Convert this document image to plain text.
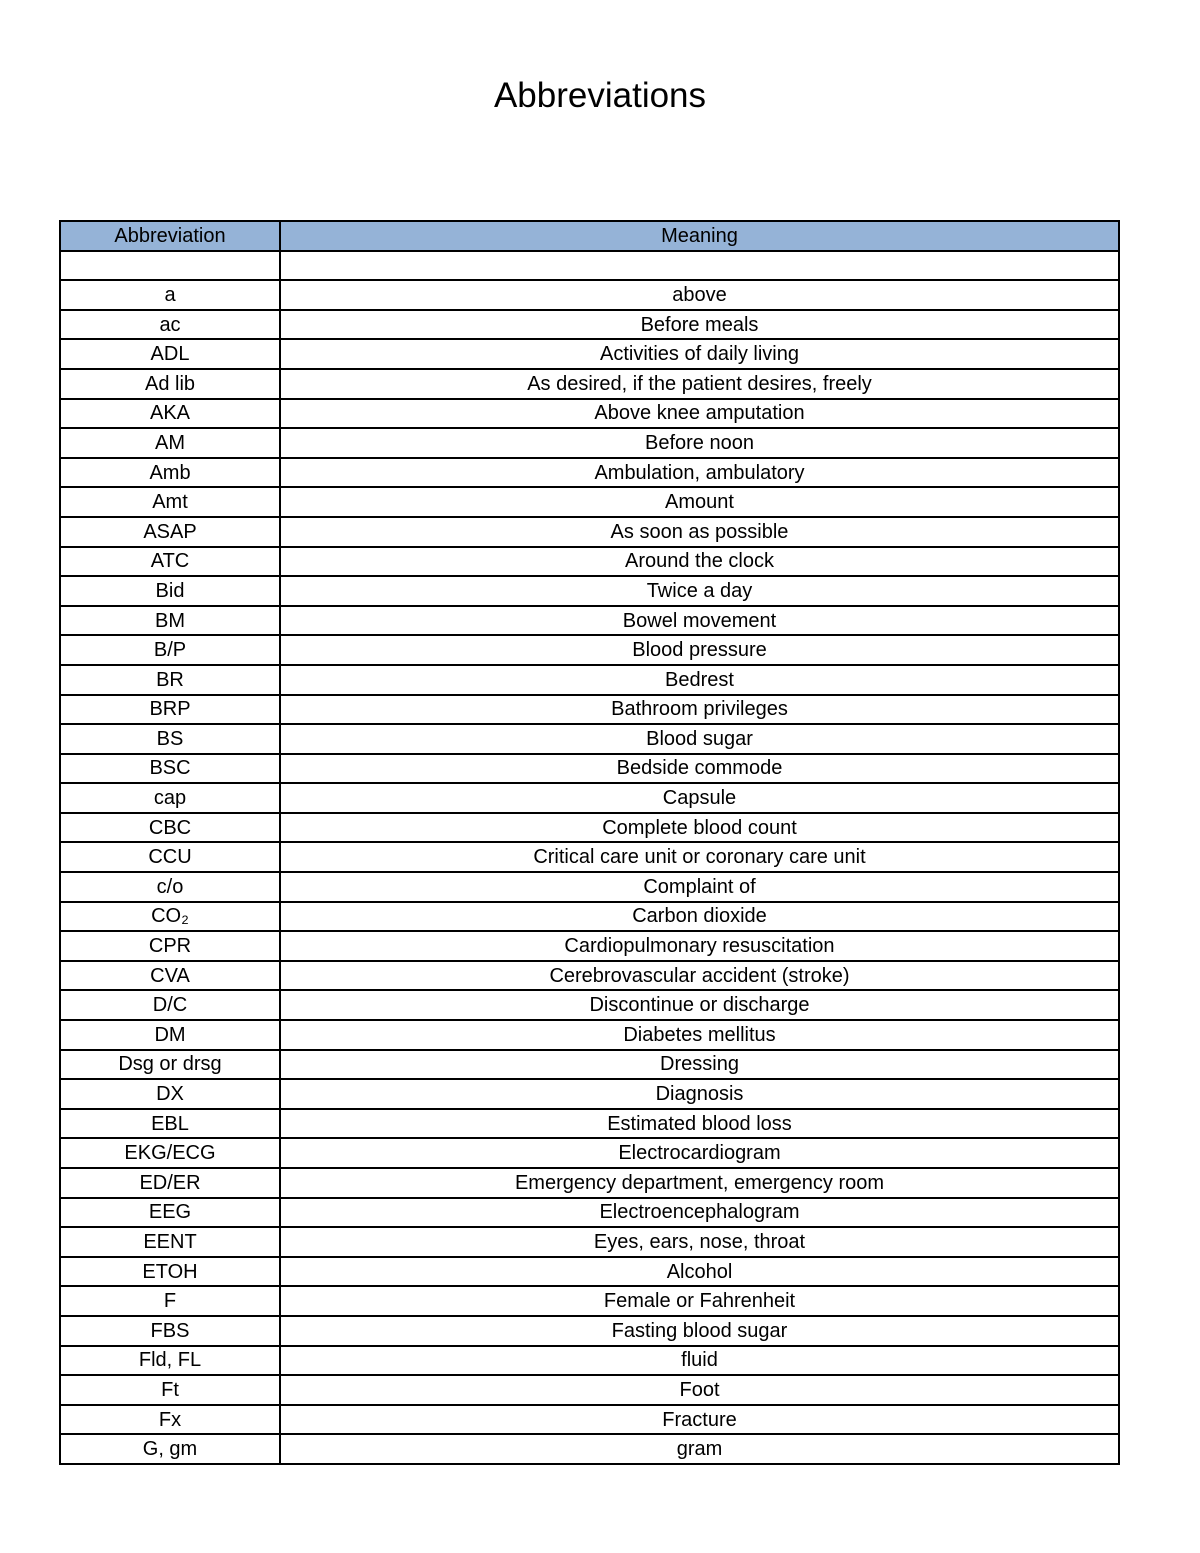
Abbreviations
Abbreviation	Meaning

a	above
ac	Before meals
ADL	Activities of daily living
Ad lib	As desired, if the patient desires, freely
AKA	Above knee amputation
AM	Before noon
Amb	Ambulation, ambulatory
Amt	Amount
ASAP	As soon as possible
ATC	Around the clock
Bid	Twice a day
BM	Bowel movement
B/P	Blood pressure
BR	Bedrest
BRP	Bathroom privileges
BS	Blood sugar
BSC	Bedside commode
cap	Capsule
CBC	Complete blood count
CCU	Critical care unit or coronary care unit
c/o	Complaint of
CO₂	Carbon dioxide
CPR	Cardiopulmonary resuscitation
CVA	Cerebrovascular accident (stroke)
D/C	Discontinue or discharge
DM	Diabetes mellitus
Dsg or drsg	Dressing
DX	Diagnosis
EBL	Estimated blood loss
EKG/ECG	Electrocardiogram
ED/ER	Emergency department, emergency room
EEG	Electroencephalogram
EENT	Eyes, ears, nose, throat
ETOH	Alcohol
F	Female or Fahrenheit
FBS	Fasting blood sugar
Fld, FL	fluid
Ft	Foot
Fx	Fracture
G, gm	gram
